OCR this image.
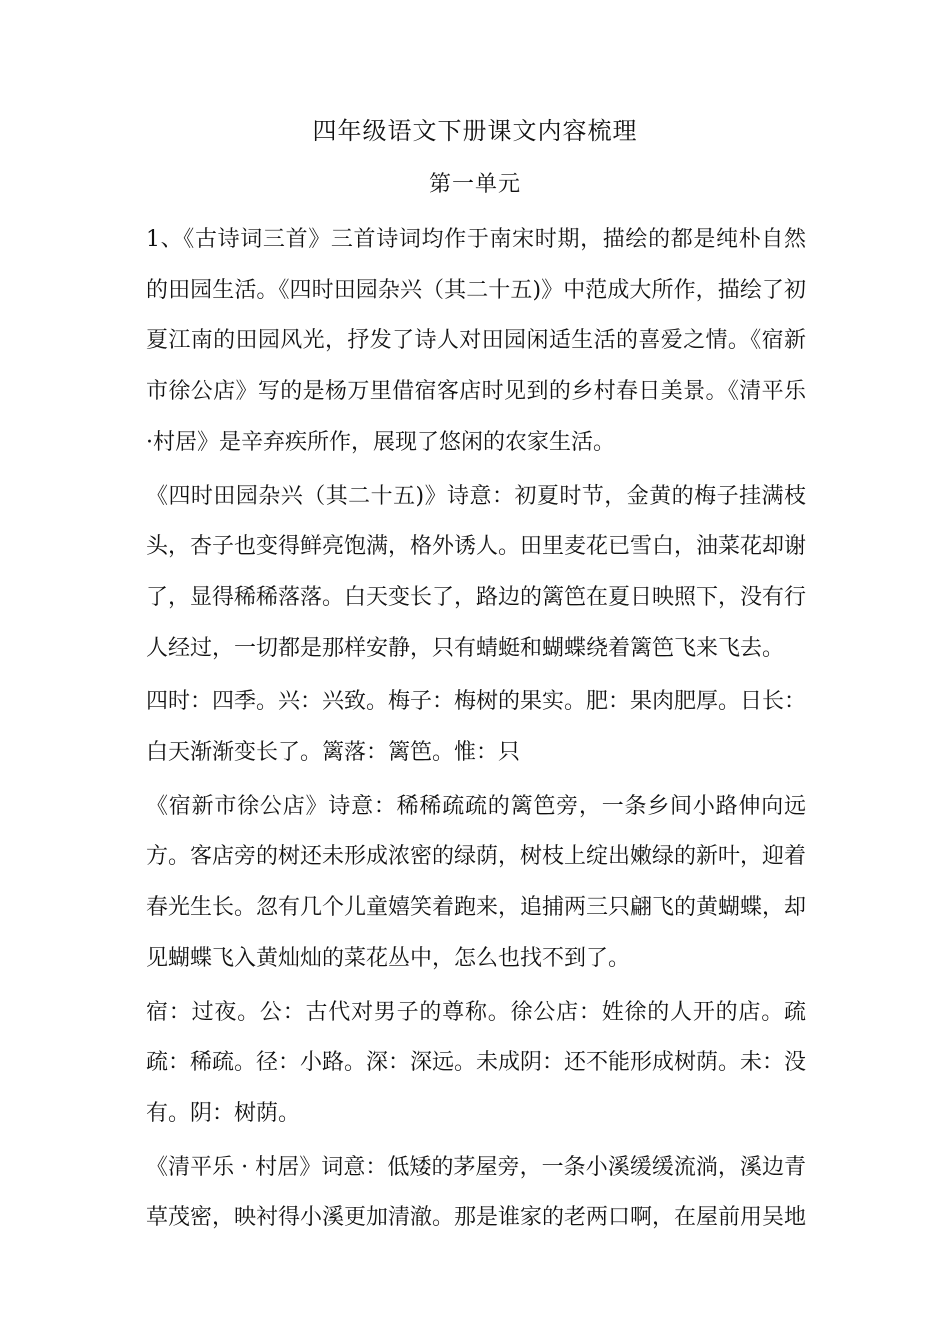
四年级语文下册课文内容梳理
第一单元

1、《古诗词三首》三首诗词均作于南宋时期，描绘的都是纯朴自然的田园生活。《四时田园杂兴（其二十五)》中范成大所作，描绘了初夏江南的田园风光，抒发了诗人对田园闲适生活的喜爱之情。《宿新市徐公店》写的是杨万里借宿客店时见到的乡村春日美景。《清平乐 ·村居》是辛弃疾所作，展现了悠闲的农家生活。

《四时田园杂兴（其二十五)》诗意：初夏时节，金黄的梅子挂满枝头，杏子也变得鲜亮饱满，格外诱人。田里麦花已雪白，油菜花却谢了，显得稀稀落落。白天变长了，路边的篱笆在夏日映照下，没有行人经过，一切都是那样安静，只有蜻蜓和蝴蝶绕着篱笆飞来飞去。

四时：四季。兴：兴致。梅子：梅树的果实。肥：果肉肥厚。日长：白天渐渐变长了。篱落：篱笆。惟：只

《宿新市徐公店》诗意：稀稀疏疏的篱笆旁，一条乡间小路伸向远方。客店旁的树还未形成浓密的绿荫，树枝上绽出嫩绿的新叶，迎着春光生长。忽有几个儿童嬉笑着跑来，追捕两三只翩飞的黄蝴蝶，却见蝴蝶飞入黄灿灿的菜花丛中，怎么也找不到了。

宿：过夜。公：古代对男子的尊称。徐公店：姓徐的人开的店。疏疏：稀疏。径：小路。深：深远。未成阴：还不能形成树荫。未：没有。阴：树荫。

《清平乐 · 村居》词意：低矮的茅屋旁，一条小溪缓缓流淌，溪边青草茂密，映衬得小溪更加清澈。那是谁家的老两口啊，在屋前用吴地
